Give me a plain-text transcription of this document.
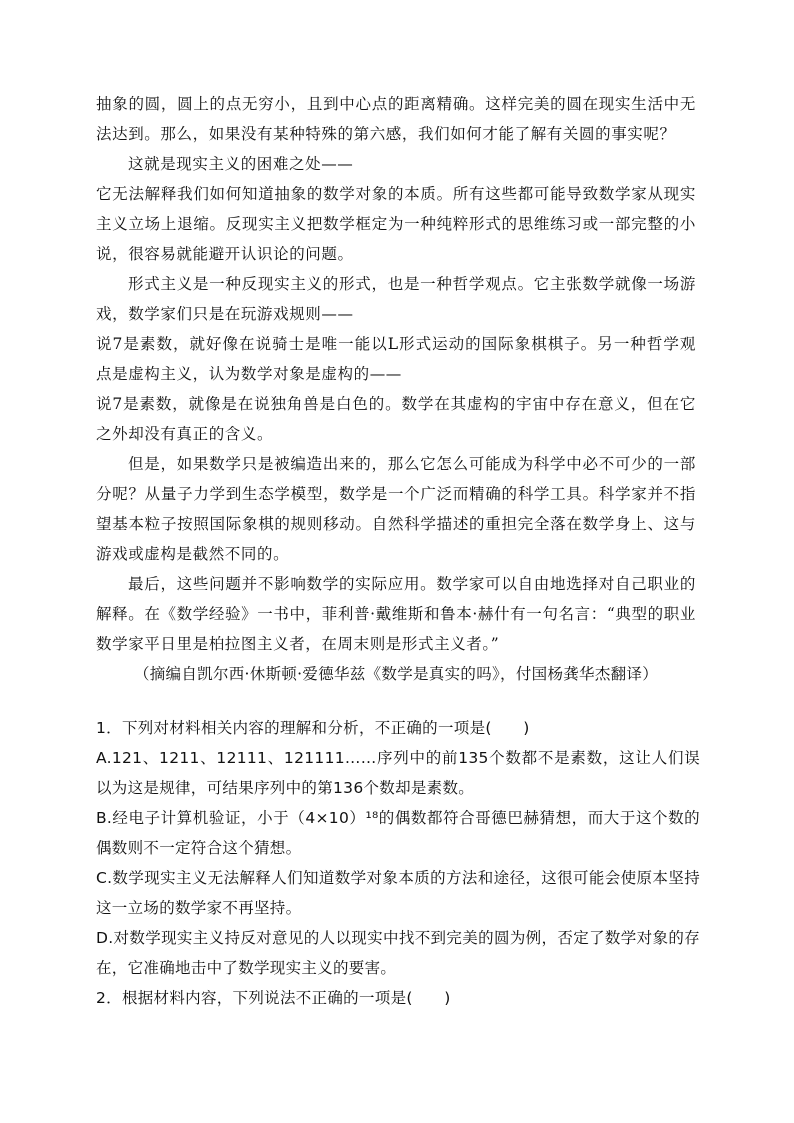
抽象的圆，圆上的点无穷小，且到中心点的距离精确。这样完美的圆在现实生活中无法达到。那么，如果没有某种特殊的第六感，我们如何才能了解有关圆的事实呢？

这就是现实主义的困难之处——

它无法解释我们如何知道抽象的数学对象的本质。所有这些都可能导致数学家从现实主义立场上退缩。反现实主义把数学框定为一种纯粹形式的思维练习或一部完整的小说，很容易就能避开认识论的问题。

形式主义是一种反现实主义的形式，也是一种哲学观点。它主张数学就像一场游戏，数学家们只是在玩游戏规则——

说7是素数，就好像在说骑士是唯一能以L形式运动的国际象棋棋子。另一种哲学观点是虚构主义，认为数学对象是虚构的——

说7是素数，就像是在说独角兽是白色的。数学在其虚构的宇宙中存在意义，但在它之外却没有真正的含义。

但是，如果数学只是被编造出来的，那么它怎么可能成为科学中必不可少的一部分呢？从量子力学到生态学模型，数学是一个广泛而精确的科学工具。科学家并不指望基本粒子按照国际象棋的规则移动。自然科学描述的重担完全落在数学身上、这与游戏或虚构是截然不同的。

最后，这些问题并不影响数学的实际应用。数学家可以自由地选择对自己职业的解释。在《数学经验》一书中，菲利普·戴维斯和鲁本·赫什有一句名言：“典型的职业数学家平日里是柏拉图主义者，在周末则是形式主义者。”

（摘编自凯尔西·休斯顿·爱德华兹《数学是真实的吗》，付国杨龚华杰翻译）

1．下列对材料相关内容的理解和分析，不正确的一项是(　　)

A.121、1211、12111、121111……序列中的前135个数都不是素数，这让人们误以为这是规律，可结果序列中的第136个数却是素数。

B.经电子计算机验证，小于（4×10）¹⁸的偶数都符合哥德巴赫猜想，而大于这个数的偶数则不一定符合这个猜想。

C.数学现实主义无法解释人们知道数学对象本质的方法和途径，这很可能会使原本坚持这一立场的数学家不再坚持。

D.对数学现实主义持反对意见的人以现实中找不到完美的圆为例，否定了数学对象的存在，它准确地击中了数学现实主义的要害。

2．根据材料内容，下列说法不正确的一项是(　　)
